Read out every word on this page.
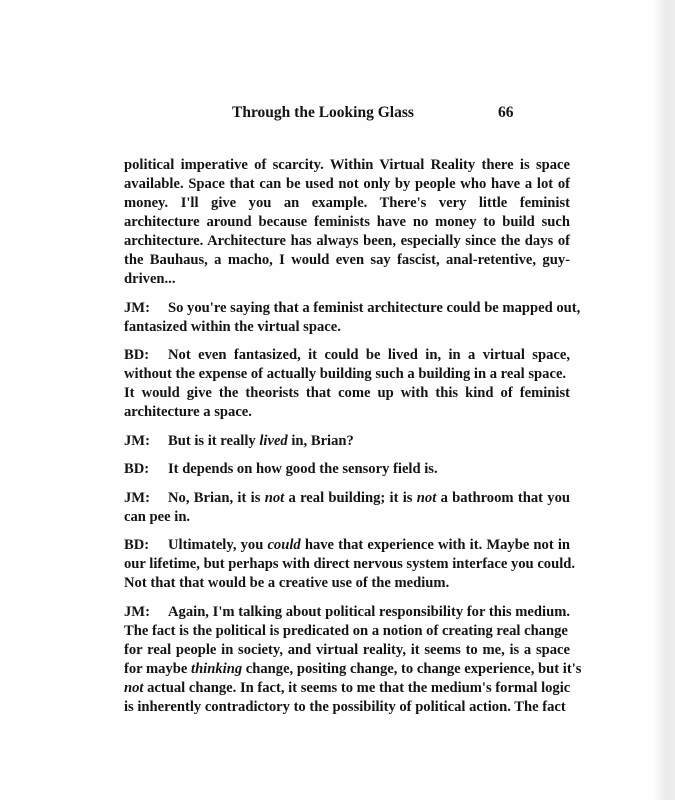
Through the Looking Glass	66
political imperative of scarcity. Within Virtual Reality there is space
available. Space that can be used not only by people who have a lot of
money. I'll give you an example. There's very little feminist
architecture around because feminists have no money to build such
architecture. Architecture has always been, especially since the days of
the Bauhaus, a macho, I would even say fascist, anal-retentive, guy-
driven...
JM: So you're saying that a feminist architecture could be mapped out,
fantasized within the virtual space.
BD: Not even fantasized, it could be lived in, in a virtual space,
without the expense of actually building such a building in a real space.
It would give the theorists that come up with this kind of feminist
architecture a space.
JM: But is it really lived in, Brian?
BD: It depends on how good the sensory field is.
JM: No, Brian, it is not a real building; it is not a bathroom that you
can pee in.
BD: Ultimately, you could have that experience with it. Maybe not in
our lifetime, but perhaps with direct nervous system interface you could.
Not that that would be a creative use of the medium.
JM: Again, I'm talking about political responsibility for this medium.
The fact is the political is predicated on a notion of creating real change
for real people in society, and virtual reality, it seems to me, is a space
for maybe thinking change, positing change, to change experience, but it's
not actual change. In fact, it seems to me that the medium's formal logic
is inherently contradictory to the possibility of political action. The fact
